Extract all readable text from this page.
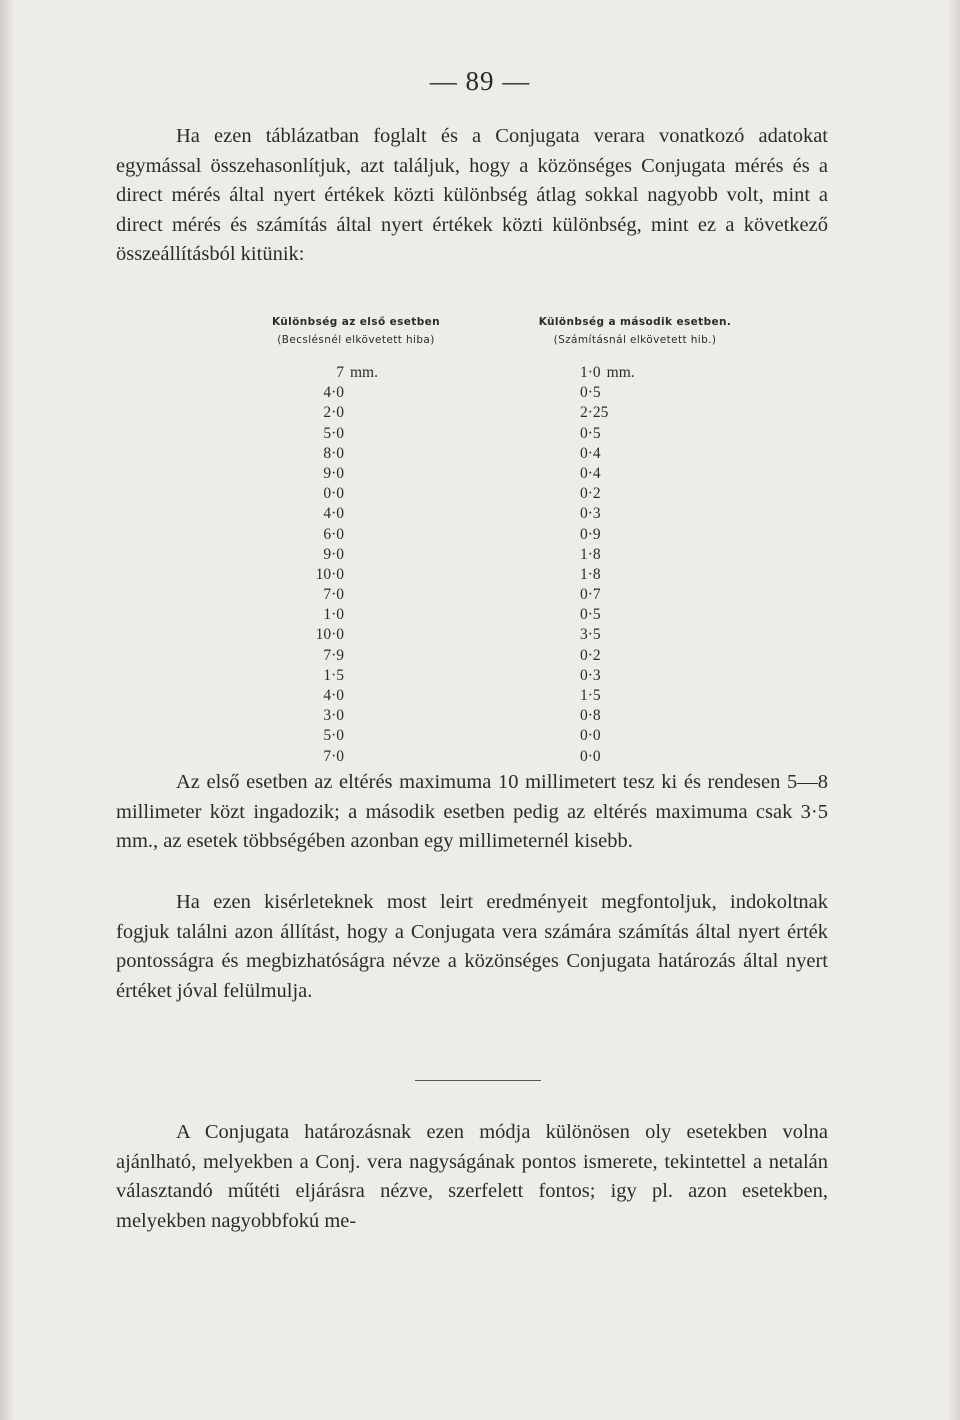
— 89 —

Ha ezen táblázatban foglalt és a Conjugata verara vonatkozó adatokat egymással összehasonlítjuk, azt találjuk, hogy a közönséges Conjugata mérés és a direct mérés által nyert értékek közti különbség átlag sokkal nagyobb volt, mint a direct mérés és számítás által nyert értékek közti különbség, mint ez a következő összeállításból kitünik:

Különbség az első esetben
(Becslésnél elkövetett hiba)
Különbség a második esetben.
(Számításnál elkövetett hib.)
7
4·0
2·0
5·0
8·0
9·0
0·0
4·0
6·0
9·0
10·0
7·0
1·0
10·0
7·9
1·5
4·0
3·0
5·0
7·0
mm.	1·0
0·5
2·25
0·5
0·4
0·4
0·2
0·3
0·9
1·8
1·8
0·7
0·5
3·5
0·2
0·3
1·5
0·8
0·0
0·0
mm.

Az első esetben az eltérés maximuma 10 millimetert tesz ki és rendesen 5—8 millimeter közt ingadozik; a második esetben pedig az eltérés maximuma csak 3·5 mm., az esetek többségében azonban egy millimeternél kisebb.

Ha ezen kisérleteknek most leirt eredményeit megfontoljuk, indokoltnak fogjuk találni azon állítást, hogy a Conjugata vera számára számítás által nyert érték pontosságra és megbizhatóságra névze a közönséges Conjugata határozás által nyert értéket jóval felülmulja.

A Conjugata határozásnak ezen módja különösen oly esetekben volna ajánlható, melyekben a Conj. vera nagyságának pontos ismerete, tekintettel a netalán választandó műtéti eljárásra nézve, szerfelett fontos; igy pl. azon esetekben, melyekben nagyobbfokú me-
